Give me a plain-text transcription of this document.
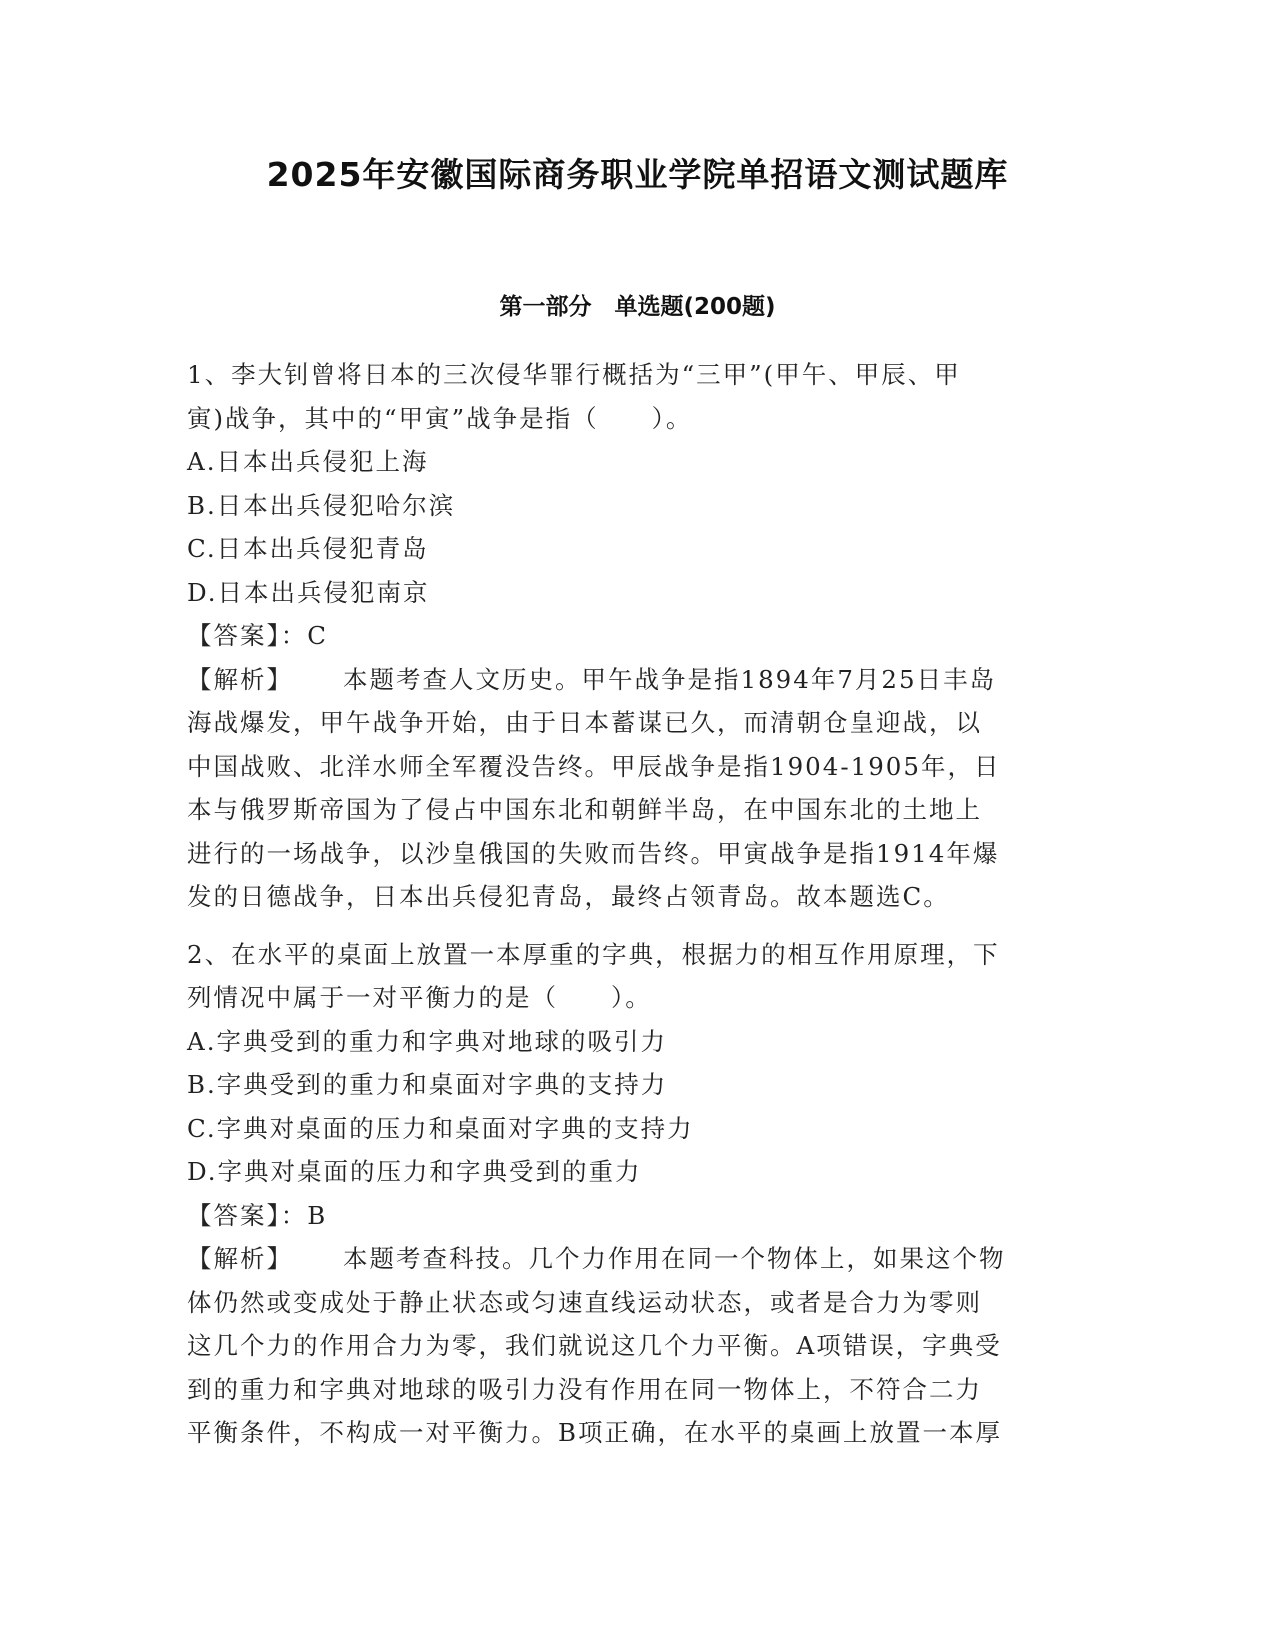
2025年安徽国际商务职业学院单招语文测试题库
第一部分　单选题(200题)
1、李大钊曾将日本的三次侵华罪行概括为“三甲”(甲午、甲辰、甲
寅)战争，其中的“甲寅”战争是指（　　）。
A.日本出兵侵犯上海
B.日本出兵侵犯哈尔滨
C.日本出兵侵犯青岛
D.日本出兵侵犯南京
【答案】：C
【解析】 本题考查人文历史。甲午战争是指1894年7月25日丰岛
海战爆发，甲午战争开始，由于日本蓄谋已久，而清朝仓皇迎战，以
中国战败、北洋水师全军覆没告终。甲辰战争是指1904-1905年，日
本与俄罗斯帝国为了侵占中国东北和朝鲜半岛，在中国东北的土地上
进行的一场战争，以沙皇俄国的失败而告终。甲寅战争是指1914年爆
发的日德战争，日本出兵侵犯青岛，最终占领青岛。故本题选C。
2、在水平的桌面上放置一本厚重的字典，根据力的相互作用原理，下
列情况中属于一对平衡力的是（　　）。
A.字典受到的重力和字典对地球的吸引力
B.字典受到的重力和桌面对字典的支持力
C.字典对桌面的压力和桌面对字典的支持力
D.字典对桌面的压力和字典受到的重力
【答案】：B
【解析】 本题考查科技。几个力作用在同一个物体上，如果这个物
体仍然或变成处于静止状态或匀速直线运动状态，或者是合力为零则
这几个力的作用合力为零，我们就说这几个力平衡。A项错误，字典受
到的重力和字典对地球的吸引力没有作用在同一物体上，不符合二力
平衡条件，不构成一对平衡力。B项正确，在水平的桌画上放置一本厚
